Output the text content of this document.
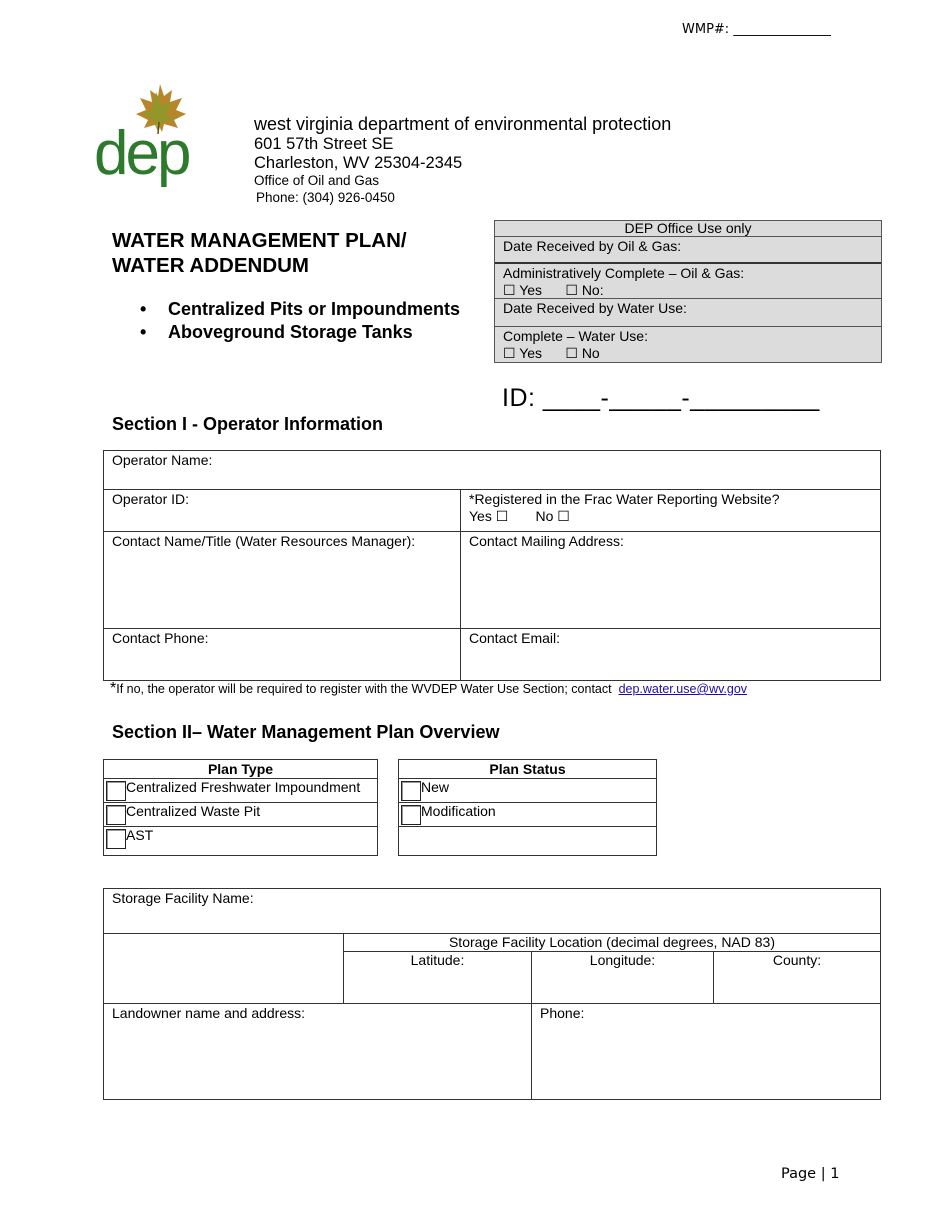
WMP#: _______________
dep	west virginia department of environmental protection
601 57th Street SE
Charleston, WV 25304-2345
Office of Oil and Gas
Phone: (304) 926-0450
WATER MANAGEMENT PLAN/
WATER ADDENDUM
•	Centralized Pits or Impoundments
•	Aboveground Storage Tanks
DEP Office Use only
Date Received by Oil & Gas:
Administratively Complete – Oil & Gas:
☐ Yes ☐ No:
Date Received by Water Use:
Complete – Water Use:
☐ Yes ☐ No
ID: ____-_____-_________
Section I - Operator Information
Operator Name:	
Operator ID:	*Registered in the Frac Water Reporting Website?
Yes ☐ No ☐

Contact Name/Title (Water Resources Manager):	Contact Mailing Address:
Contact Phone:	Contact Email:
*If no, the operator will be required to register with the WVDEP Water Use Section; contact dep.water.use@wv.gov
Section II– Water Management Plan Overview
Plan Type
Centralized Freshwater Impoundment
Centralized Waste Pit
AST
Plan Status
New
Modification

Storage Facility Name:			
	Storage Facility Location (decimal degrees, NAD 83)		
	Latitude:	Longitude:	County:
Landowner name and address:		Phone:	
Page | 1
